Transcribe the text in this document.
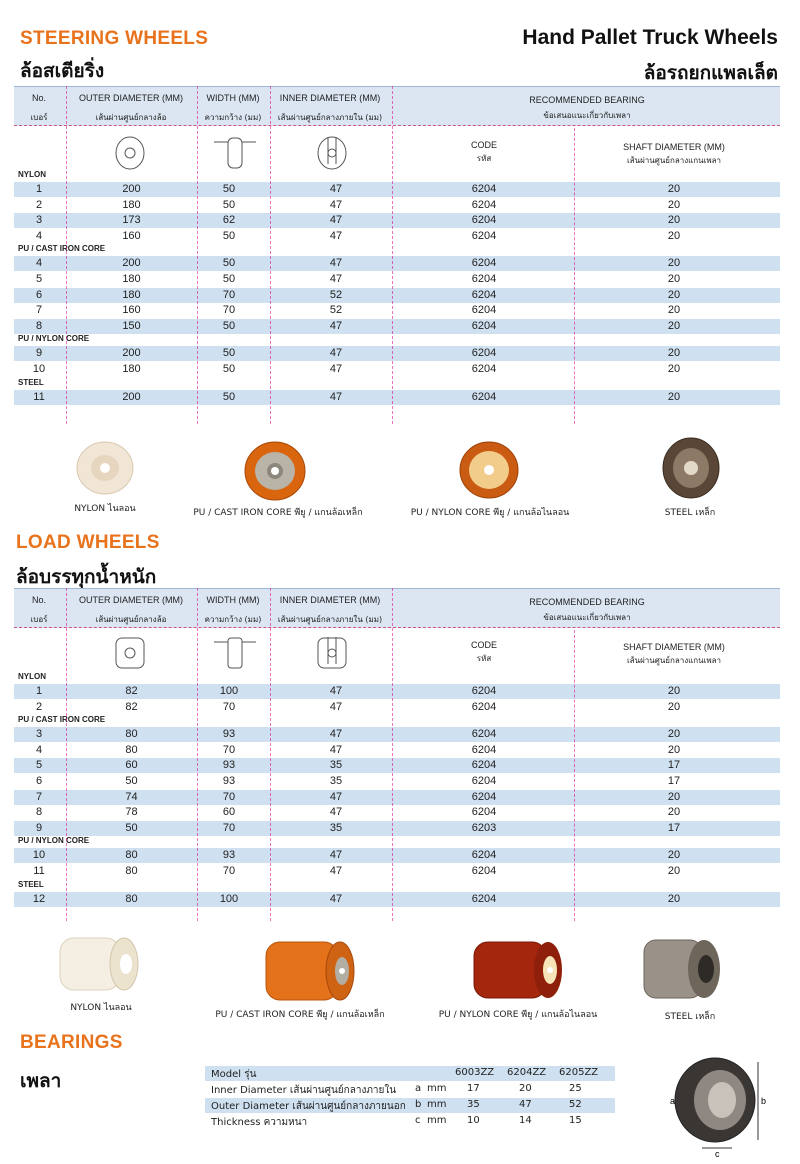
STEERING WHEELS
ล้อสเตียริ่ง
Hand Pallet Truck Wheels
ล้อรถยกแพลเล็ต
No.
เบอร์
OUTER DIAMETER (MM)
เส้นผ่านศูนย์กลางล้อ
WIDTH (MM)
ความกว้าง (มม)
INNER DIAMETER (MM)
เส้นผ่านศูนย์กลางภายใน (มม)
RECOMMENDED BEARING
ข้อเสนอแนะเกี่ยวกับเพลา
CODE
รหัส
SHAFT DIAMETER (MM)
เส้นผ่านศูนย์กลางแกนเพลา
NYLON
1	200	50	47	6204	20
2	180	50	47	6204	20
3	173	62	47	6204	20
4	160	50	47	6204	20
PU / CAST IRON CORE
4	200	50	47	6204	20
5	180	50	47	6204	20
6	180	70	52	6204	20
7	160	70	52	6204	20
8	150	50	47	6204	20
PU / NYLON CORE
9	200	50	47	6204	20
10	180	50	47	6204	20
STEEL
11	200	50	47	6204	20
NYLON ไนลอน	PU / CAST IRON CORE พียู / แกนล้อเหล็ก	PU / NYLON CORE พียู / แกนล้อไนลอน	STEEL เหล็ก
LOAD WHEELS
ล้อบรรทุกน้ำหนัก
No.
เบอร์
OUTER DIAMETER (MM)
เส้นผ่านศูนย์กลางล้อ
WIDTH (MM)
ความกว้าง (มม)
INNER DIAMETER (MM)
เส้นผ่านศูนย์กลางภายใน (มม)
RECOMMENDED BEARING
ข้อเสนอแนะเกี่ยวกับเพลา
CODE
รหัส
SHAFT DIAMETER (MM)
เส้นผ่านศูนย์กลางแกนเพลา
NYLON
1	82	100	47	6204	20
2	82	70	47	6204	20
PU / CAST IRON CORE
3	80	93	47	6204	20
4	80	70	47	6204	20
5	60	93	35	6204	17
6	50	93	35	6204	17
7	74	70	47	6204	20
8	78	60	47	6204	20
9	50	70	35	6203	17
PU / NYLON CORE
10	80	93	47	6204	20
11	80	70	47	6204	20
STEEL
12	80	100	47	6204	20
NYLON ไนลอน
PU / CAST IRON CORE พียู / แกนล้อเหล็ก	PU / NYLON CORE พียู / แกนล้อไนลอน	STEEL เหล็ก
BEARINGS
เพลา	Model รุ่น	6003ZZ 6204ZZ 6205ZZ
Inner Diameter เส้นผ่านศูนย์กลางภายใน a mm 17	20	25
Outer Diameter เส้นผ่านศูนย์กลางภายนอก b mm 35	47	52
Thickness ความหนา	c mm 10	14	15
a	b
c
